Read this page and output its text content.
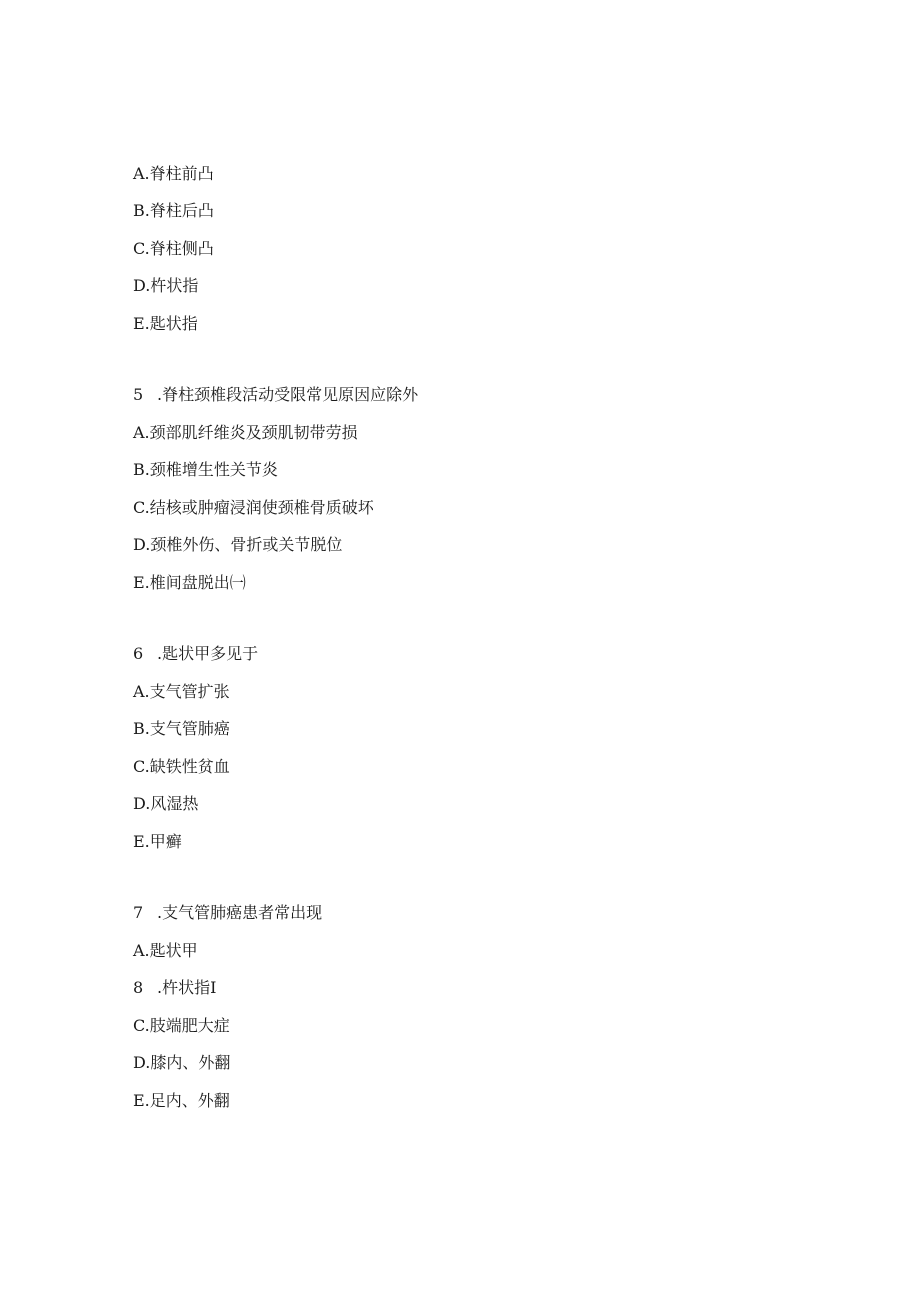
A.脊柱前凸
B.脊柱后凸
C.脊柱侧凸
D.杵状指
E.匙状指
5 .脊柱颈椎段活动受限常见原因应除外
A.颈部肌纤维炎及颈肌韧带劳损
B.颈椎增生性关节炎
C.结核或肿瘤浸润使颈椎骨质破坏
D.颈椎外伤、骨折或关节脱位
E.椎间盘脱出㈠
6 .匙状甲多见于
A.支气管扩张
B.支气管肺癌
C.缺铁性贫血
D.风湿热
E.甲癣
7 .支气管肺癌患者常出现
A.匙状甲
8 .杵状指I
C.肢端肥大症
D.膝内、外翻
E.足内、外翻
